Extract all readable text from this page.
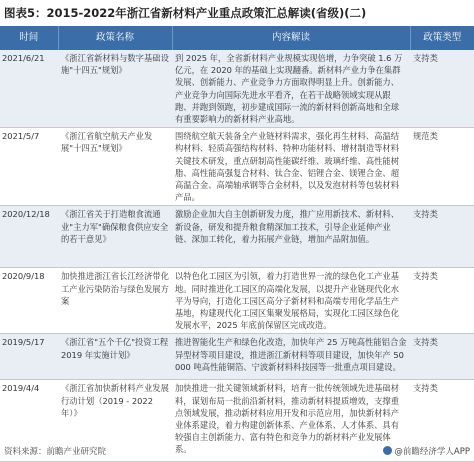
图表5：2015-2022年浙江省新材料产业重点政策汇总解读(省级)(二)
时间	政策名称	内容解读	政策类型
2021/6/21	《浙江省新材料与数字基础设施"十四五"规划》	到 2025 年，全省新材料产业规模实现倍增，力争突破 1.6 万亿元，在 2020 年的基础上实现翻番。新材料产业力争在集群发展、创新能力、产业竞争力方面取得明显上升。创新能力、产业竞争力向国际先进水平看齐，在若干战略领域实现从跟跑、并跑到领跑，初步建成国际一流的新材料创新高地和全球有重要影响力的新材料产业高地。	支持类
2021/5/7	《浙江省航空航天产业发展"十四五"规划》	围绕航空航天装备全产业链材料需求，强化再生材料、高温结构材料、轻质高强结构材料、特种功能材料、增材制造等材料关键技术研发，重点研制高性能碳纤维、玻璃纤维、高性能树脂、高性能高强复合材料、钛合金、铝锂合金、镁锂合金、超高温合金、高端轴承钢等合金材料，以及发泡材料等包装材料产品。	规范类
2020/12/18	《浙江省关于打造粮食流通业"主力军"确保粮食供应安全的若干意见》	激励企业加大自主创新研发力度，推广应用新技术、新材料、新设备，研发和提升粮食精深加工技术，引导企业延伸产业链、深加工转化，着力拓展产业链，增加产品附加值。	支持类
2020/9/18	加快推进浙江省长江经济带化工产业污染防治与绿色发展方案	以特色化工园区为引领，着力打造世界一流的绿色化工产业基地。同时推进化工园区的高端化发展，以提升产业链现代化水平为导向，打造化工园区高分子新材料和高端专用化学品生产基地，构建现代化工园区集聚发展格局，实现化工园区绿色化发展水平，2025 年底前保留区完成改造。	支持类
2019/5/17	《浙江省"五个千亿"投资工程 2019 年实施计划》	推进智能化生产和绿色化改造，加快年产 25 万吨高性能铝合金异型材等项目建设，推进浙江新材料等项目建设，加快年产 50000 吨高性能铜箔、宁波新材料科技园等一批重点项目建设。	支持类
2019/4/4	《浙江省加快新材料产业发展行动计划（2019 - 2022 年）》	加快推进一批关键领域新材料，培育一批传统领域先进基础材料，谋划布局一批前沿新材料，推动新材料提质增效，支撑重点领域发展，推动新材料应用开发和示范应用，加快新材料产业体系建设，着力构建创新体系、产业体系、人才体系、具有较强自主创新能力、富有特色和竞争力的新材料产业发展体系。	支持类
资料来源：前瞻产业研究院	@前瞻经济学人APP
